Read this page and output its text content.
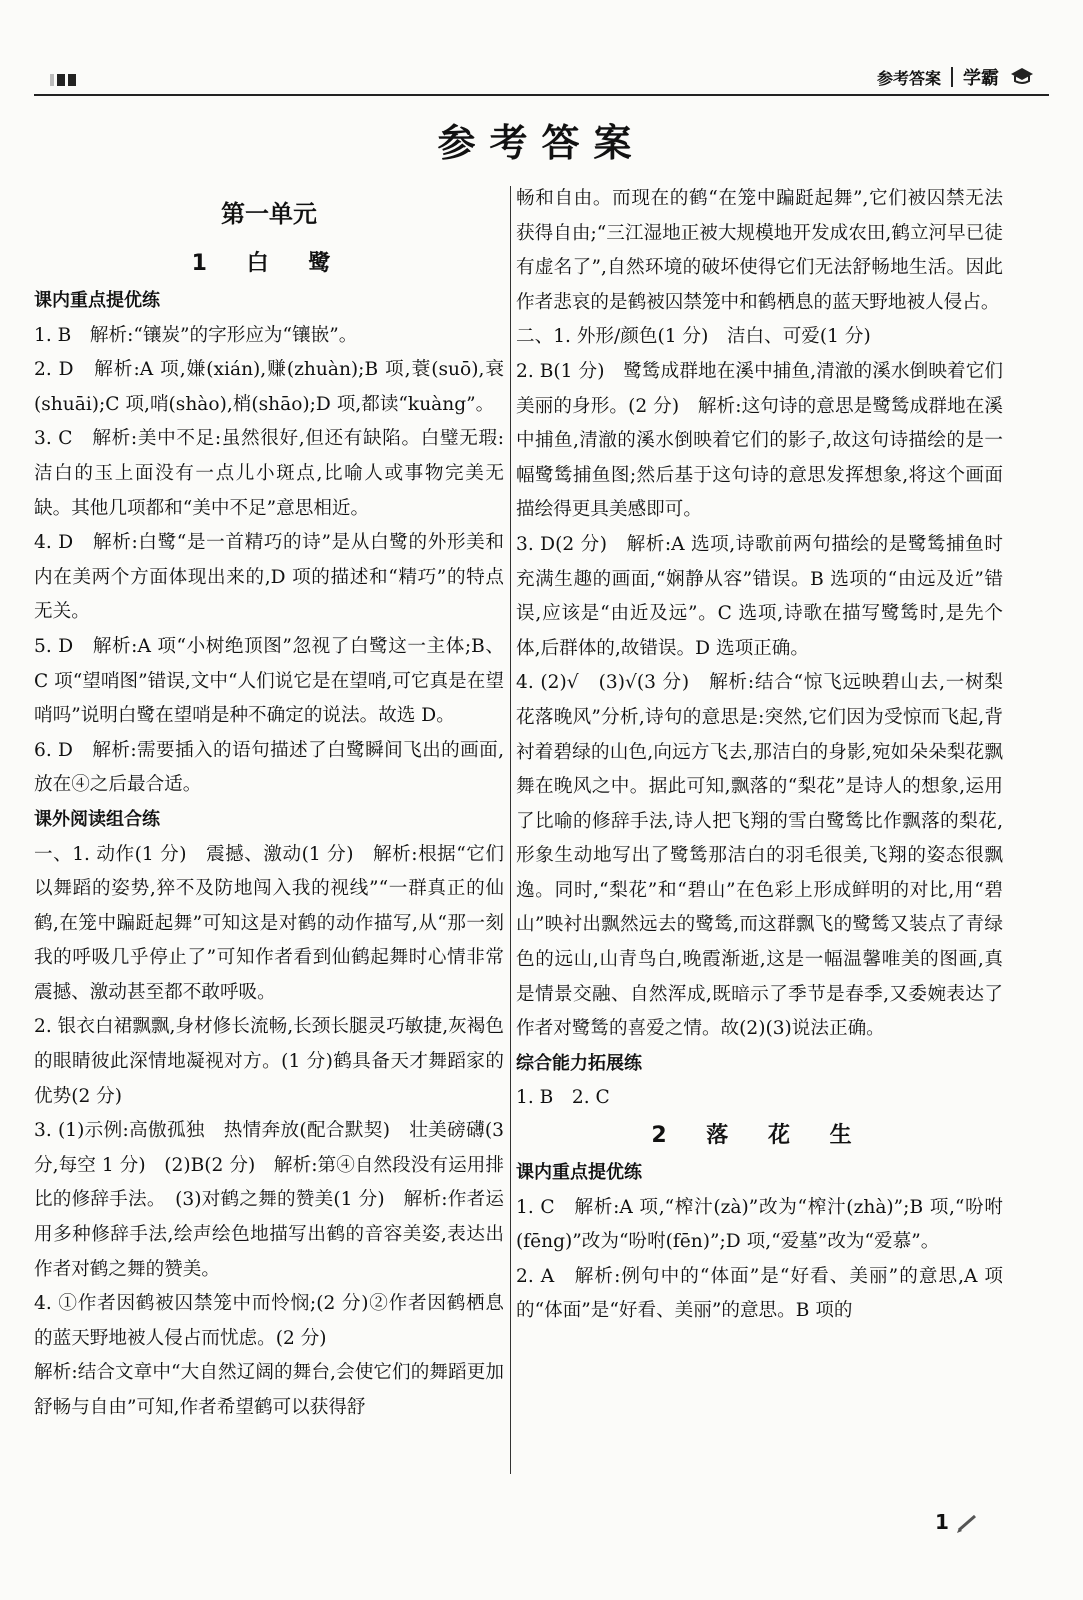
参考答案 学霸
参考答案

第一单元

1 白 鹭

课内重点提优练

1. B　解析:“镶炭”的字形应为“镶嵌”。

2. D　解析:A 项,嫌(xián),赚(zhuàn);B 项,蓑(suō),衰(shuāi);C 项,哨(shào),梢(shāo);D 项,都读“kuàng”。

3. C　解析:美中不足:虽然很好,但还有缺陷。白璧无瑕:洁白的玉上面没有一点儿小斑点,比喻人或事物完美无缺。其他几项都和“美中不足”意思相近。

4. D　解析:白鹭“是一首精巧的诗”是从白鹭的外形美和内在美两个方面体现出来的,D 项的描述和“精巧”的特点无关。

5. D　解析:A 项“小树绝顶图”忽视了白鹭这一主体;B、C 项“望哨图”错误,文中“人们说它是在望哨,可它真是在望哨吗”说明白鹭在望哨是种不确定的说法。故选 D。

6. D　解析:需要插入的语句描述了白鹭瞬间飞出的画面,放在④之后最合适。

课外阅读组合练

一、1. 动作(1 分)　震撼、激动(1 分)　解析:根据“它们以舞蹈的姿势,猝不及防地闯入我的视线”“一群真正的仙鹤,在笼中蹁跹起舞”可知这是对鹤的动作描写,从“那一刻我的呼吸几乎停止了”可知作者看到仙鹤起舞时心情非常震撼、激动甚至都不敢呼吸。

2. 银衣白裙飘飘,身材修长流畅,长颈长腿灵巧敏捷,灰褐色的眼睛彼此深情地凝视对方。(1 分)鹤具备天才舞蹈家的优势(2 分)

3. (1)示例:高傲孤独　热情奔放(配合默契)　壮美磅礴(3 分,每空 1 分)　(2)B(2 分)　解析:第④自然段没有运用排比的修辞手法。　(3)对鹤之舞的赞美(1 分)　解析:作者运用多种修辞手法,绘声绘色地描写出鹤的音容美姿,表达出作者对鹤之舞的赞美。

4. ①作者因鹤被囚禁笼中而怜悯;(2 分)②作者因鹤栖息的蓝天野地被人侵占而忧虑。(2 分)

解析:结合文章中“大自然辽阔的舞台,会使它们的舞蹈更加舒畅与自由”可知,作者希望鹤可以获得舒

畅和自由。而现在的鹤“在笼中蹁跹起舞”,它们被囚禁无法获得自由;“三江湿地正被大规模地开发成农田,鹤立河早已徒有虚名了”,自然环境的破坏使得它们无法舒畅地生活。因此作者悲哀的是鹤被囚禁笼中和鹤栖息的蓝天野地被人侵占。

二、1. 外形/颜色(1 分)　洁白、可爱(1 分)

2. B(1 分)　鹭鸶成群地在溪中捕鱼,清澈的溪水倒映着它们美丽的身形。(2 分)　解析:这句诗的意思是鹭鸶成群地在溪中捕鱼,清澈的溪水倒映着它们的影子,故这句诗描绘的是一幅鹭鸶捕鱼图;然后基于这句诗的意思发挥想象,将这个画面描绘得更具美感即可。

3. D(2 分)　解析:A 选项,诗歌前两句描绘的是鹭鸶捕鱼时充满生趣的画面,“娴静从容”错误。B 选项的“由远及近”错误,应该是“由近及远”。C 选项,诗歌在描写鹭鸶时,是先个体,后群体的,故错误。D 选项正确。

4. (2)√　(3)√(3 分)　解析:结合“惊飞远映碧山去,一树梨花落晚风”分析,诗句的意思是:突然,它们因为受惊而飞起,背衬着碧绿的山色,向远方飞去,那洁白的身影,宛如朵朵梨花飘舞在晚风之中。据此可知,飘落的“梨花”是诗人的想象,运用了比喻的修辞手法,诗人把飞翔的雪白鹭鸶比作飘落的梨花,形象生动地写出了鹭鸶那洁白的羽毛很美,飞翔的姿态很飘逸。同时,“梨花”和“碧山”在色彩上形成鲜明的对比,用“碧山”映衬出飘然远去的鹭鸶,而这群飘飞的鹭鸶又装点了青绿色的远山,山青鸟白,晚霞渐逝,这是一幅温馨唯美的图画,真是情景交融、自然浑成,既暗示了季节是春季,又委婉表达了作者对鹭鸶的喜爱之情。故(2)(3)说法正确。

综合能力拓展练

1. B　2. C

2 落 花 生

课内重点提优练

1. C　解析:A 项,“榨汁(zà)”改为“榨汁(zhà)”;B 项,“吩咐(fēng)”改为“吩咐(fēn)”;D 项,“爱墓”改为“爱慕”。

2. A　解析:例句中的“体面”是“好看、美丽”的意思,A 项的“体面”是“好看、美丽”的意思。B 项的

1
